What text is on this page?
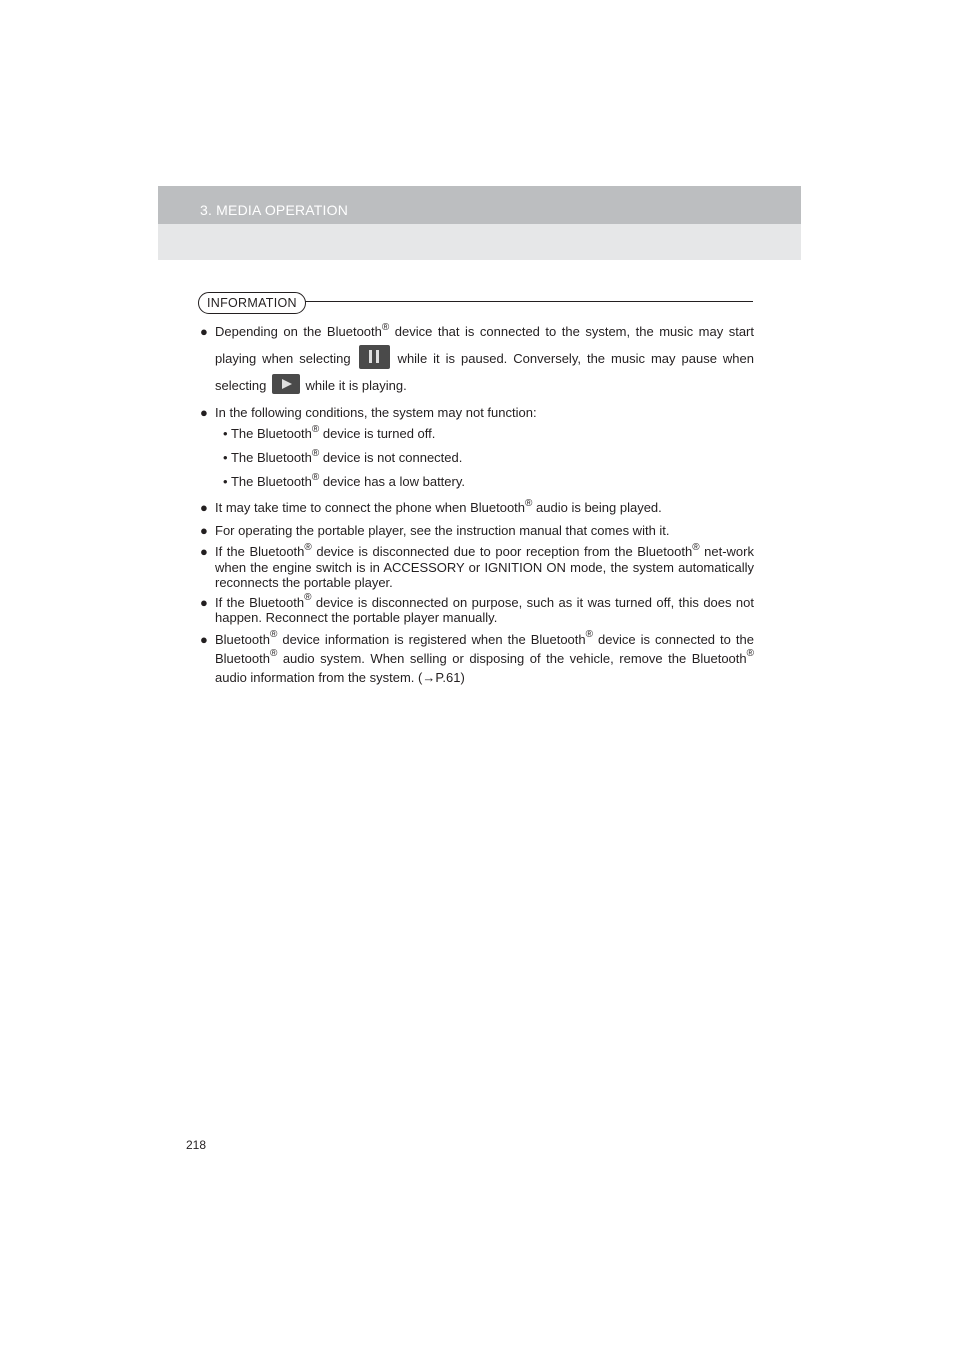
3. MEDIA OPERATION
INFORMATION
● Depending on the Bluetooth® device that is connected to the system, the music may start playing when selecting	while it is paused. Conversely, the music may pause when selecting
while it is playing.
● In the following conditions, the system may not function:
• The Bluetooth® device is turned off.
• The Bluetooth® device is not connected.
• The Bluetooth® device has a low battery.
● It may take time to connect the phone when Bluetooth® audio is being played.
● For operating the portable player, see the instruction manual that comes with it.
● If the Bluetooth® device is disconnected due to poor reception from the Bluetooth® net-work when the engine switch is in ACCESSORY or IGNITION ON mode, the system automatically reconnects the portable player.
● If the Bluetooth® device is disconnected on purpose, such as it was turned off, this does not happen. Reconnect the portable player manually.
● Bluetooth® device information is registered when the Bluetooth® device is connected to the Bluetooth® audio system. When selling or disposing of the vehicle, remove the Bluetooth® audio information from the system. (→P.61)
218
